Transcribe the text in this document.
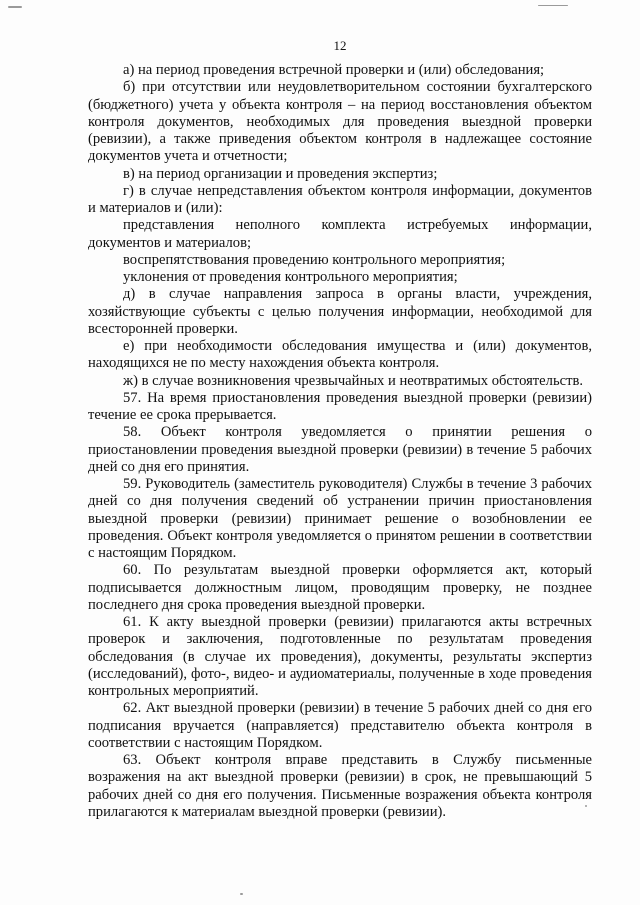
12

а) на период проведения встречной проверки и (или) обследования;

б) при отсутствии или неудовлетворительном состоянии бухгалтерского (бюджетного) учета у объекта контроля – на период восстановления объектом контроля документов, необходимых для проведения выездной проверки (ревизии), а также приведения объектом контроля в надлежащее состояние документов учета и отчетности;

в) на период организации и проведения экспертиз;

г) в случае непредставления объектом контроля информации, документов и материалов и (или):

представления неполного комплекта истребуемых информации, документов и материалов;

воспрепятствования проведению контрольного мероприятия;

уклонения от проведения контрольного мероприятия;

д) в случае направления запроса в органы власти, учреждения, хозяйствующие субъекты с целью получения информации, необходимой для всесторонней проверки.

е) при необходимости обследования имущества и (или) документов, находящихся не по месту нахождения объекта контроля.

ж) в случае возникновения чрезвычайных и неотвратимых обстоятельств.

57. На время приостановления проведения выездной проверки (ревизии) течение ее срока прерывается.

58. Объект контроля уведомляется о принятии решения о приостановлении проведения выездной проверки (ревизии) в течение 5 рабочих дней со дня его принятия.

59. Руководитель (заместитель руководителя) Службы в течение 3 рабочих дней со дня получения сведений об устранении причин приостановления выездной проверки (ревизии) принимает решение о возобновлении ее проведения. Объект контроля уведомляется о принятом решении в соответствии с настоящим Порядком.

60. По результатам выездной проверки оформляется акт, который подписывается должностным лицом, проводящим проверку, не позднее последнего дня срока проведения выездной проверки.

61. К акту выездной проверки (ревизии) прилагаются акты встречных проверок и заключения, подготовленные по результатам проведения обследования (в случае их проведения), документы, результаты экспертиз (исследований), фото-, видео- и аудиоматериалы, полученные в ходе проведения контрольных мероприятий.

62. Акт выездной проверки (ревизии) в течение 5 рабочих дней со дня его подписания вручается (направляется) представителю объекта контроля в соответствии с настоящим Порядком.

63. Объект контроля вправе представить в Службу письменные возражения на акт выездной проверки (ревизии) в срок, не превышающий 5 рабочих дней со дня его получения. Письменные возражения объекта контроля прилагаются к материалам выездной проверки (ревизии).
